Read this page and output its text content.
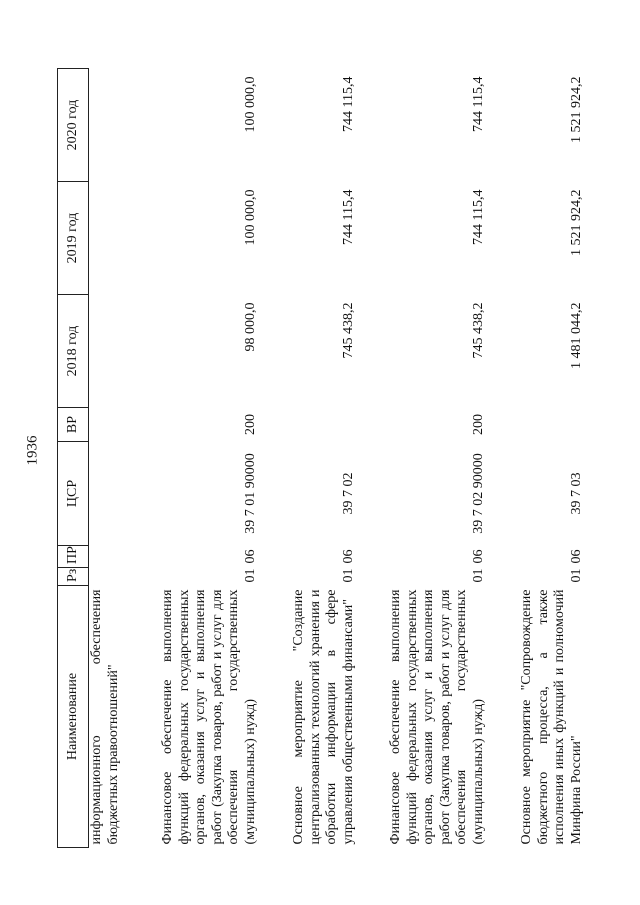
1936
Наименование	Рз	ПР	ЦСР	ВР	2018 год	2019 год	2020 год
информационного обеспечения бюджетных правоотношений"							
Финансовое обеспечение выполнения функций федеральных государственных органов, оказания услуг и выполнения работ (Закупка товаров, работ и услуг для обеспечения государственных (муниципальных) нужд)	01	06	39 7 01 90000	200	98 000,0	100 000,0	100 000,0
Основное мероприятие "Создание централизованных технологий хранения и обработки информации в сфере управления общественными финансами"	01	06	39 7 02		745 438,2	744 115,4	744 115,4
Финансовое обеспечение выполнения функций федеральных государственных органов, оказания услуг и выполнения работ (Закупка товаров, работ и услуг для обеспечения государственных (муниципальных) нужд)	01	06	39 7 02 90000	200	745 438,2	744 115,4	744 115,4
Основное мероприятие "Сопровождение бюджетного процесса, а также исполнения иных функций и полномочий Минфина России"	01	06	39 7 03		1 481 044,2	1 521 924,2	1 521 924,2
